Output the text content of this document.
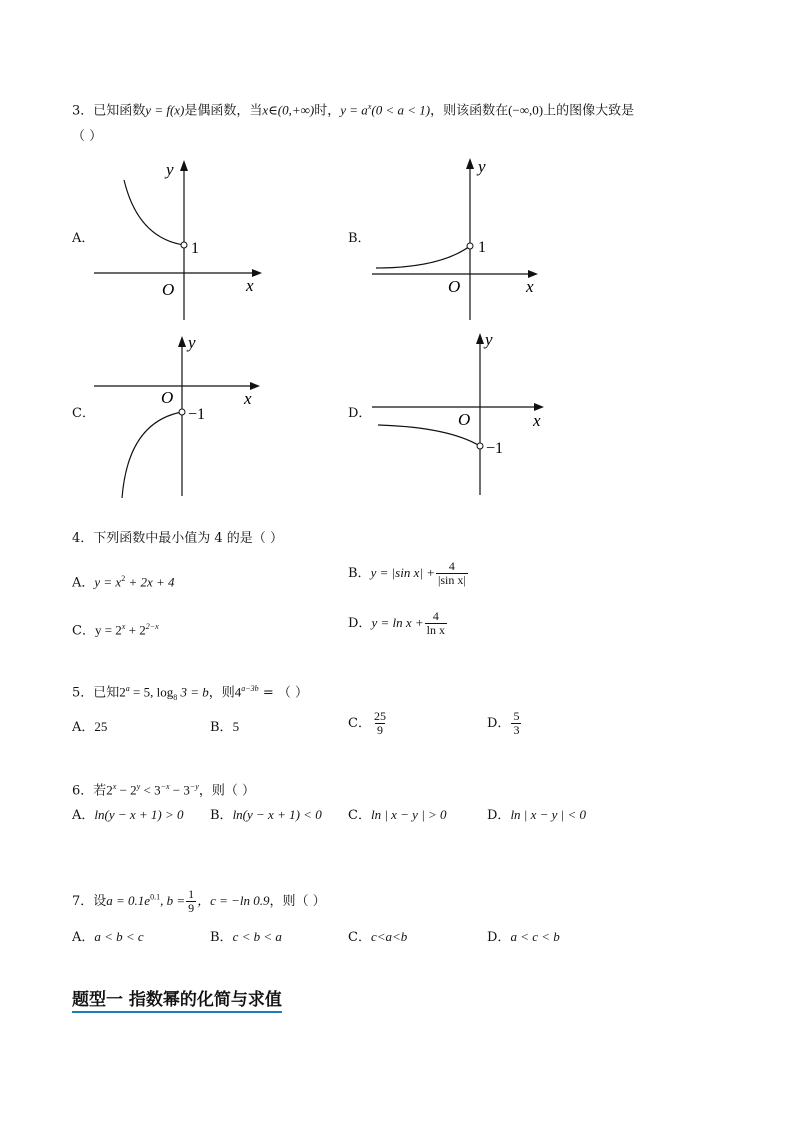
3．已知函数y = f(x)是偶函数，当x∈(0,+∞)时，$y = a^x(0 < a < 1)$，则该函数在(−∞,0)上的图像大致是
（ ）
A．
y
x
O
1
B．
y
x
O
1
C．
y
x
O
−1	D．
y
x
O
−1
4．下列函数中最小值为 4 的是（ ）
A．$y = x^2 + 2x + 4$
B．y = |sin $x| + \frac{4}{\text{|sin x|}}$
C．$y = 2^x + 2^{2-x}$	D．$y = \ln x + \frac{4}{\text{ln x}}$
5．已知$2^a = 5$, $\log_8 3 = b$，则$4^{a-3b}$ = （ ）
A．25	B．5	C． $\frac{25}{9}$	D． $\frac{5}{3}$
6．若$2^x - 2^y < 3^{-x} - 3^{-y}$，则（ ）
A．ln(y − x + 1) > 0 B．ln(y − x + 1) < 0 C．ln | x − y | > 0	D．ln | x − y | < 0
7．设$a = 0.1e^{0.1}$, $b = \frac{1}{9}$ ，c = −ln 0.9，则（ ）
A．a < b < c	B．c < b < a	C．c<a<b	D．a < c < b
题型一 指数幂的化简与求值
